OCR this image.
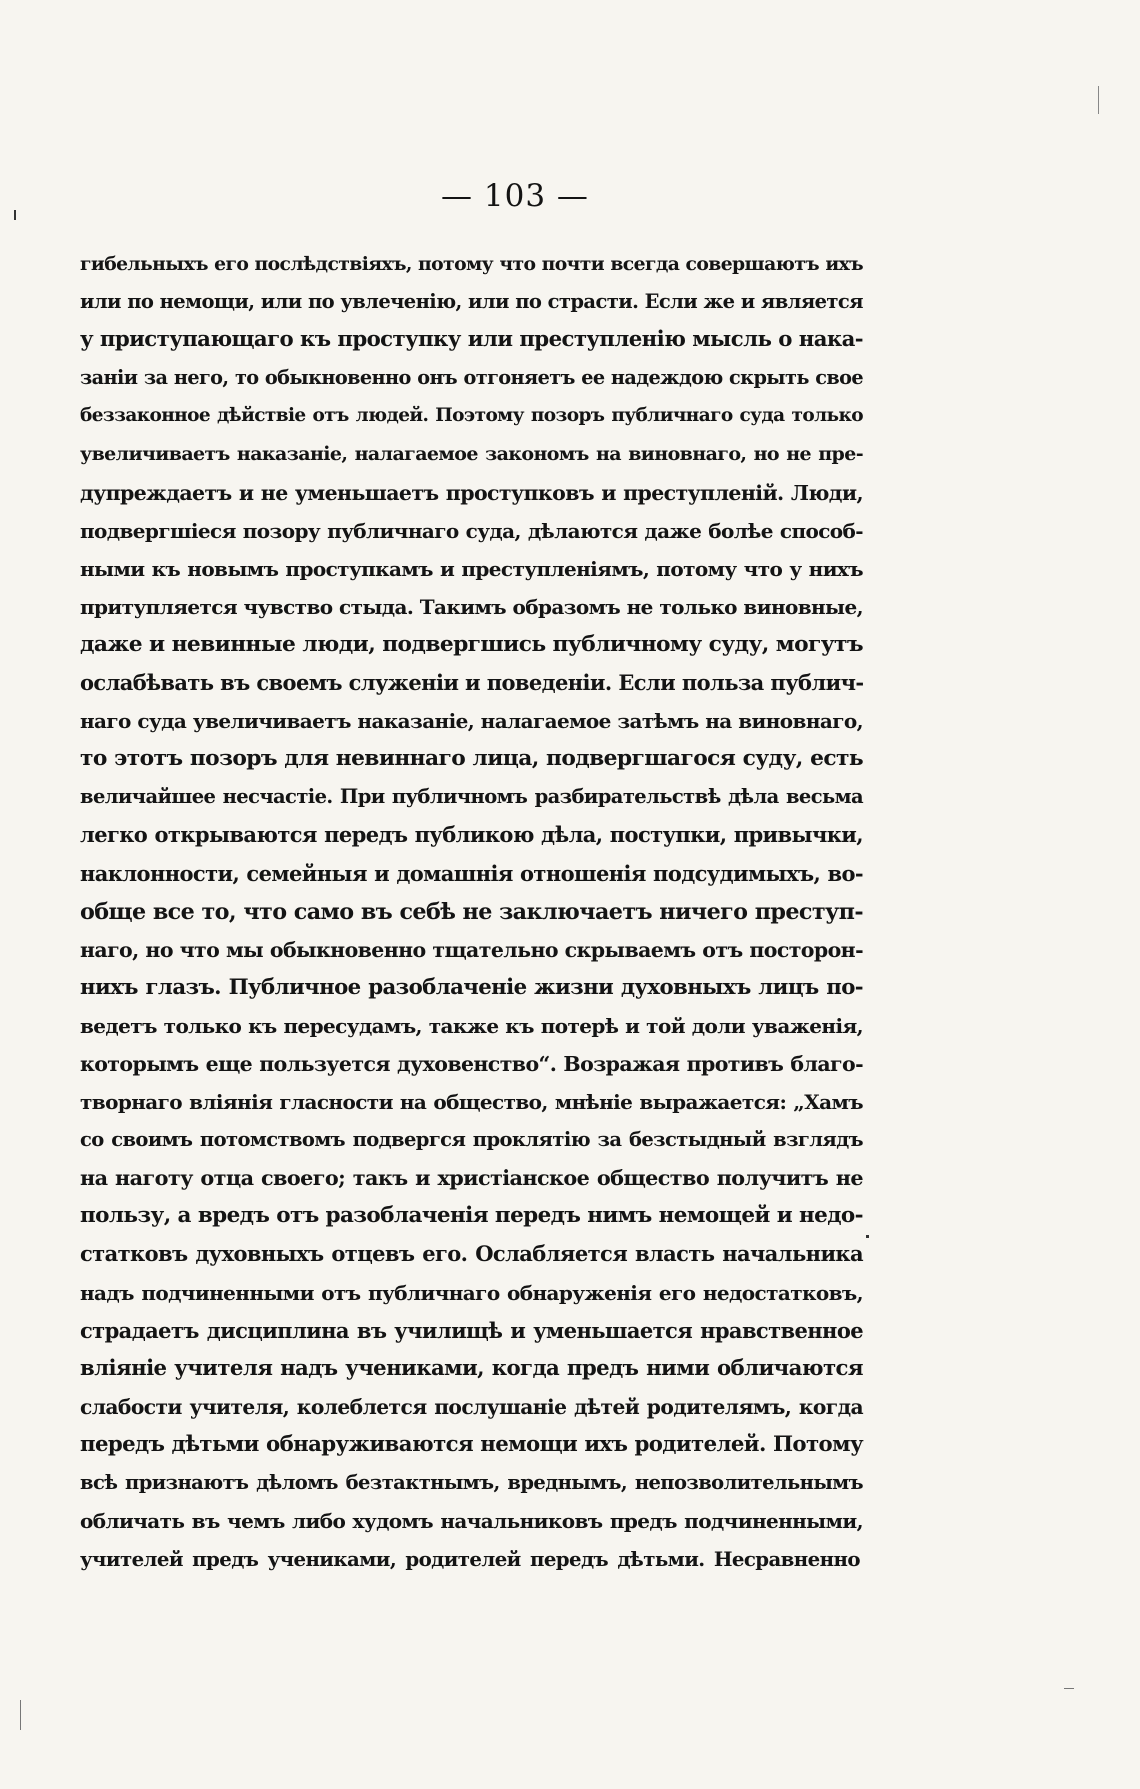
— 103 —
гибельныхъ его послѣдствіяхъ, потому что почти всегда совершаютъ ихъ
или по немощи, или по увлеченію, или по страсти. Если же и является
у приступающаго къ проступку или преступленію мысль о нака-
заніи за него, то обыкновенно онъ отгоняетъ ее надеждою скрыть свое
беззаконное дѣйствіе отъ людей. Поэтому позоръ публичнаго суда только
увеличиваетъ наказаніе, налагаемое закономъ на виновнаго, но не пре-
дупреждаетъ и не уменьшаетъ проступковъ и преступленій. Люди,
подвергшіеся позору публичнаго суда, дѣлаются даже болѣе способ-
ными къ новымъ проступкамъ и преступленіямъ, потому что у нихъ
притупляется чувство стыда. Такимъ образомъ не только виновные,
даже и невинные люди, подвергшись публичному суду, могутъ
ослабѣвать въ своемъ служеніи и поведеніи. Если польза публич-
наго суда увеличиваетъ наказаніе, налагаемое затѣмъ на виновнаго,
то этотъ позоръ для невиннаго лица, подвергшагося суду, есть
величайшее несчастіе. При публичномъ разбирательствѣ дѣла весьма
легко открываются передъ публикою дѣла, поступки, привычки,
наклонности, семейныя и домашнія отношенія подсудимыхъ, во-
обще все то, что само въ себѣ не заключаетъ ничего преступ-
наго, но что мы обыкновенно тщательно скрываемъ отъ посторон-
нихъ глазъ. Публичное разоблаченіе жизни духовныхъ лицъ по-
ведетъ только къ пересудамъ, также къ потерѣ и той доли уваженія,
которымъ еще пользуется духовенство“. Возражая противъ благо-
творнаго вліянія гласности на общество, мнѣніе выражается: „Хамъ
со своимъ потомствомъ подвергся проклятію за безстыдный взглядъ
на наготу отца своего; такъ и христіанское общество получитъ не
пользу, а вредъ отъ разоблаченія передъ нимъ немощей и недо-
статковъ духовныхъ отцевъ его. Ослабляется власть начальника
надъ подчиненными отъ публичнаго обнаруженія его недостатковъ,
страдаетъ дисциплина въ училищѣ и уменьшается нравственное
вліяніе учителя надъ учениками, когда предъ ними обличаются
слабости учителя, колеблется послушаніе дѣтей родителямъ, когда
передъ дѣтьми обнаруживаются немощи ихъ родителей. Потому
всѣ признаютъ дѣломъ безтактнымъ, вреднымъ, непозволительнымъ
обличать въ чемъ либо худомъ начальниковъ предъ подчиненными,
учителей предъ учениками, родителей передъ дѣтьми. Несравненно
